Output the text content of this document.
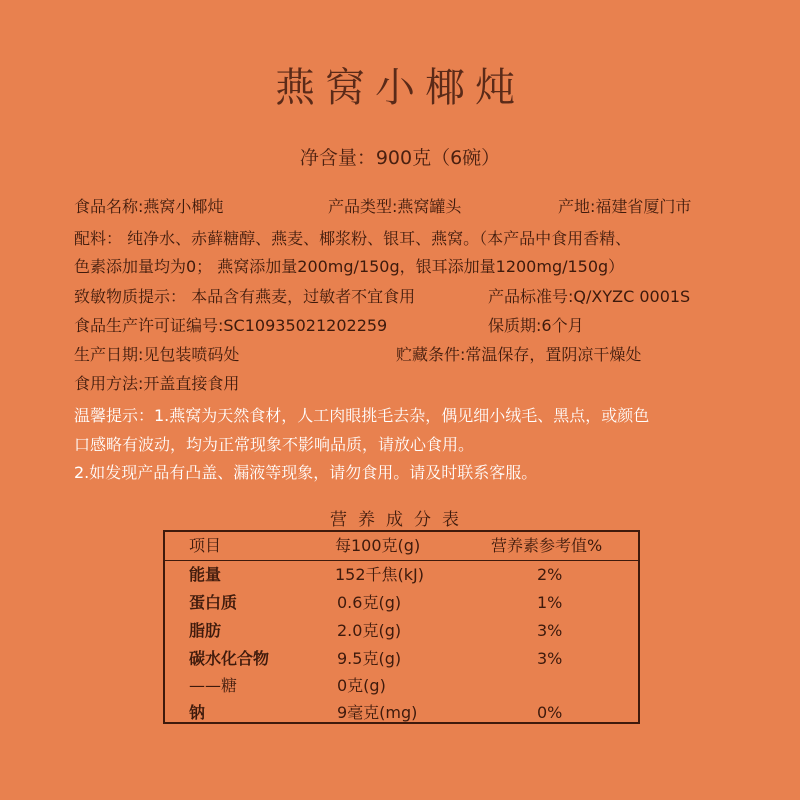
燕窝小椰炖
净含量：900克（6碗）
食品名称:燕窝小椰炖	产品类型:燕窝罐头	产地:福建省厦门市
配料： 纯净水、赤藓糖醇、燕麦、椰浆粉、银耳、燕窝。（本产品中食用香精、
色素添加量均为0； 燕窝添加量200mg/150g，银耳添加量1200mg/150g）
致敏物质提示： 本品含有燕麦，过敏者不宜食用	产品标准号:Q/XYZC 0001S
食品生产许可证编号:SC10935021202259	保质期:6个月
生产日期:见包装喷码处	贮藏条件:常温保存，置阴凉干燥处
食用方法:开盖直接食用
温馨提示：1.燕窝为天然食材，人工肉眼挑毛去杂，偶见细小绒毛、黑点，或颜色
口感略有波动，均为正常现象不影响品质，请放心食用。
2.如发现产品有凸盖、漏液等现象，请勿食用。请及时联系客服。
营养成分表
项目	每100克(g)	营养素参考值%
能量	152千焦(kJ)	2%
蛋白质	0.6克(g)	1%
脂肪	2.0克(g)	3%
碳水化合物	9.5克(g)	3%
——糖	0克(g)
钠	9毫克(mg)	0%
